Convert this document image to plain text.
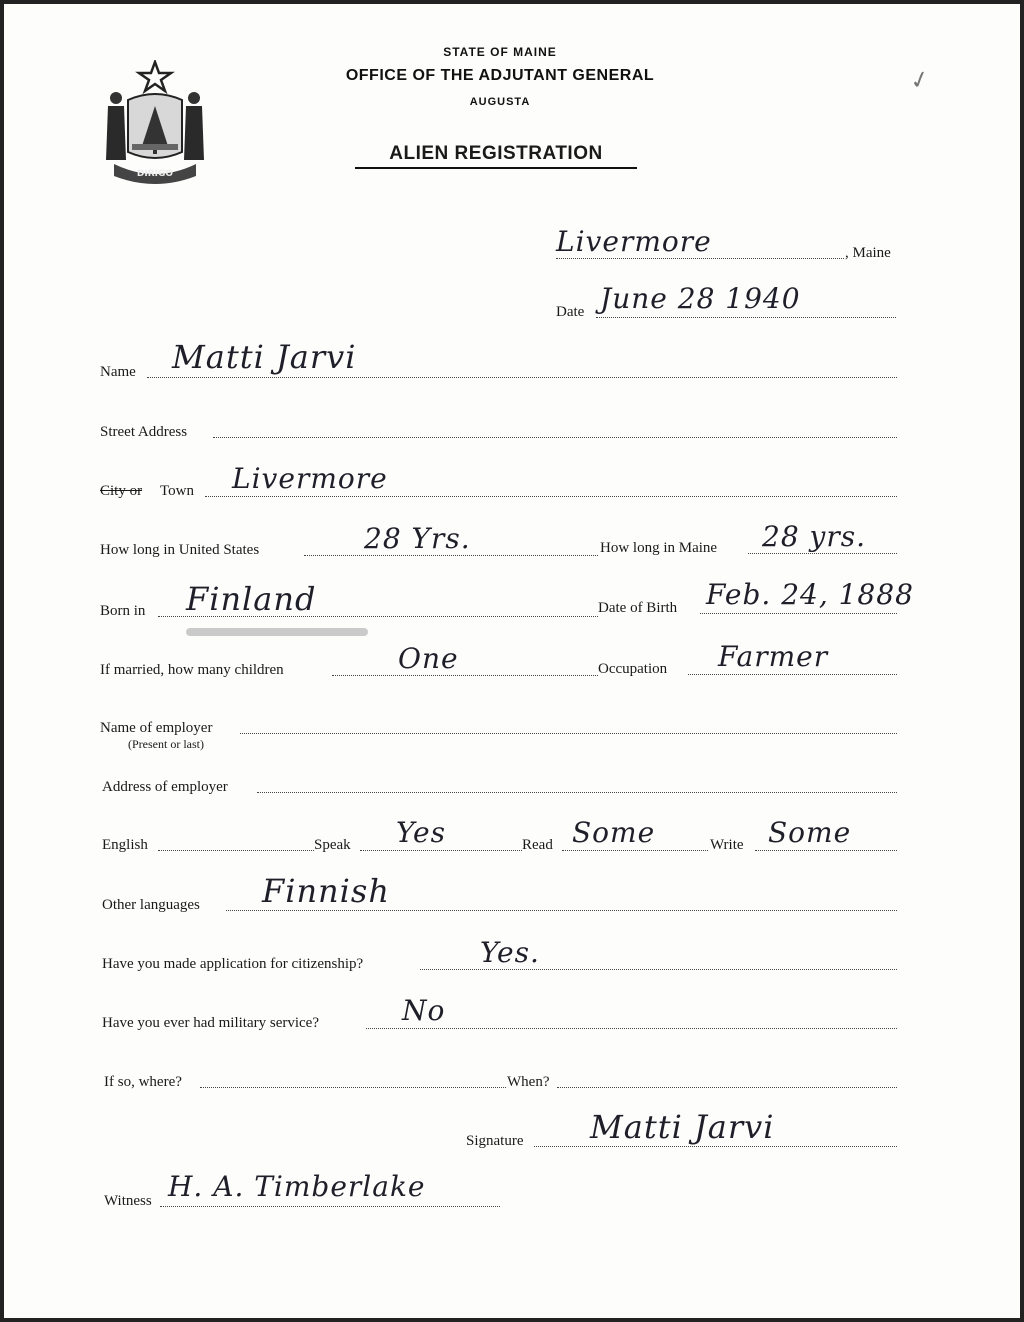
DIRIGO
STATE OF MAINE
OFFICE OF THE ADJUTANT GENERAL
AUGUSTA
ALIEN REGISTRATION
✓
Livermore	, Maine
Date June 28 1940
Name Matti Jarvi
Street Address
City or Town Livermore
How long in United States	28 Yrs.	How long in Maine 28 yrs.
Born in Finland	Date of Birth Feb. 24, 1888
If married, how many children	One	Occupation Farmer
Name of employer
(Present or last)
Address of employer
English	Speak Yes	Read Some	Write Some
Other languages Finnish
Have you made application for citizenship?	Yes.
Have you ever had military service?	No
If so, where?	When?
Signature Matti Jarvi
Witness H. A. Timberlake
